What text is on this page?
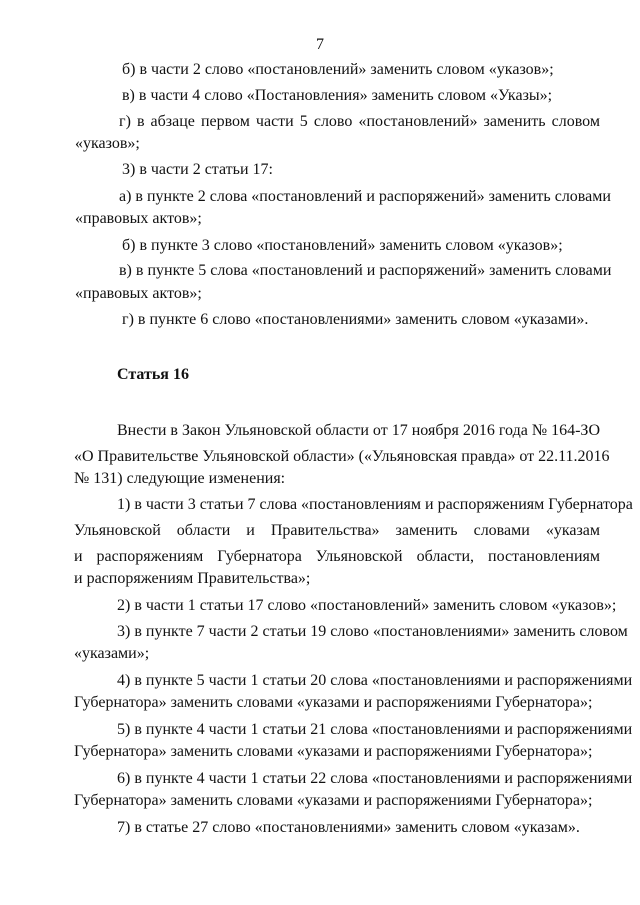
7
б) в части 2 слово «постановлений» заменить словом «указов»;
в) в части 4 слово «Постановления» заменить словом «Указы»;
г) в абзаце первом части 5 слово «постановлений» заменить словом
«указов»;
3) в части 2 статьи 17:
а) в пункте 2 слова «постановлений и распоряжений» заменить словами
«правовых актов»;
б) в пункте 3 слово «постановлений» заменить словом «указов»;
в) в пункте 5 слова «постановлений и распоряжений» заменить словами
«правовых актов»;
г) в пункте 6 слово «постановлениями» заменить словом «указами».
Статья 16
Внести в Закон Ульяновской области от 17 ноября 2016 года № 164-ЗО
«О Правительстве Ульяновской области» («Ульяновская правда» от 22.11.2016
№ 131) следующие изменения:
1) в части 3 статьи 7 слова «постановлениям и распоряжениям Губернатора
Ульяновской области и Правительства» заменить словами «указам
и распоряжениям Губернатора Ульяновской области, постановлениям
и распоряжениям Правительства»;
2) в части 1 статьи 17 слово «постановлений» заменить словом «указов»;
3) в пункте 7 части 2 статьи 19 слово «постановлениями» заменить словом
«указами»;
4) в пункте 5 части 1 статьи 20 слова «постановлениями и распоряжениями
Губернатора» заменить словами «указами и распоряжениями Губернатора»;
5) в пункте 4 части 1 статьи 21 слова «постановлениями и распоряжениями
Губернатора» заменить словами «указами и распоряжениями Губернатора»;
6) в пункте 4 части 1 статьи 22 слова «постановлениями и распоряжениями
Губернатора» заменить словами «указами и распоряжениями Губернатора»;
7) в статье 27 слово «постановлениями» заменить словом «указам».
